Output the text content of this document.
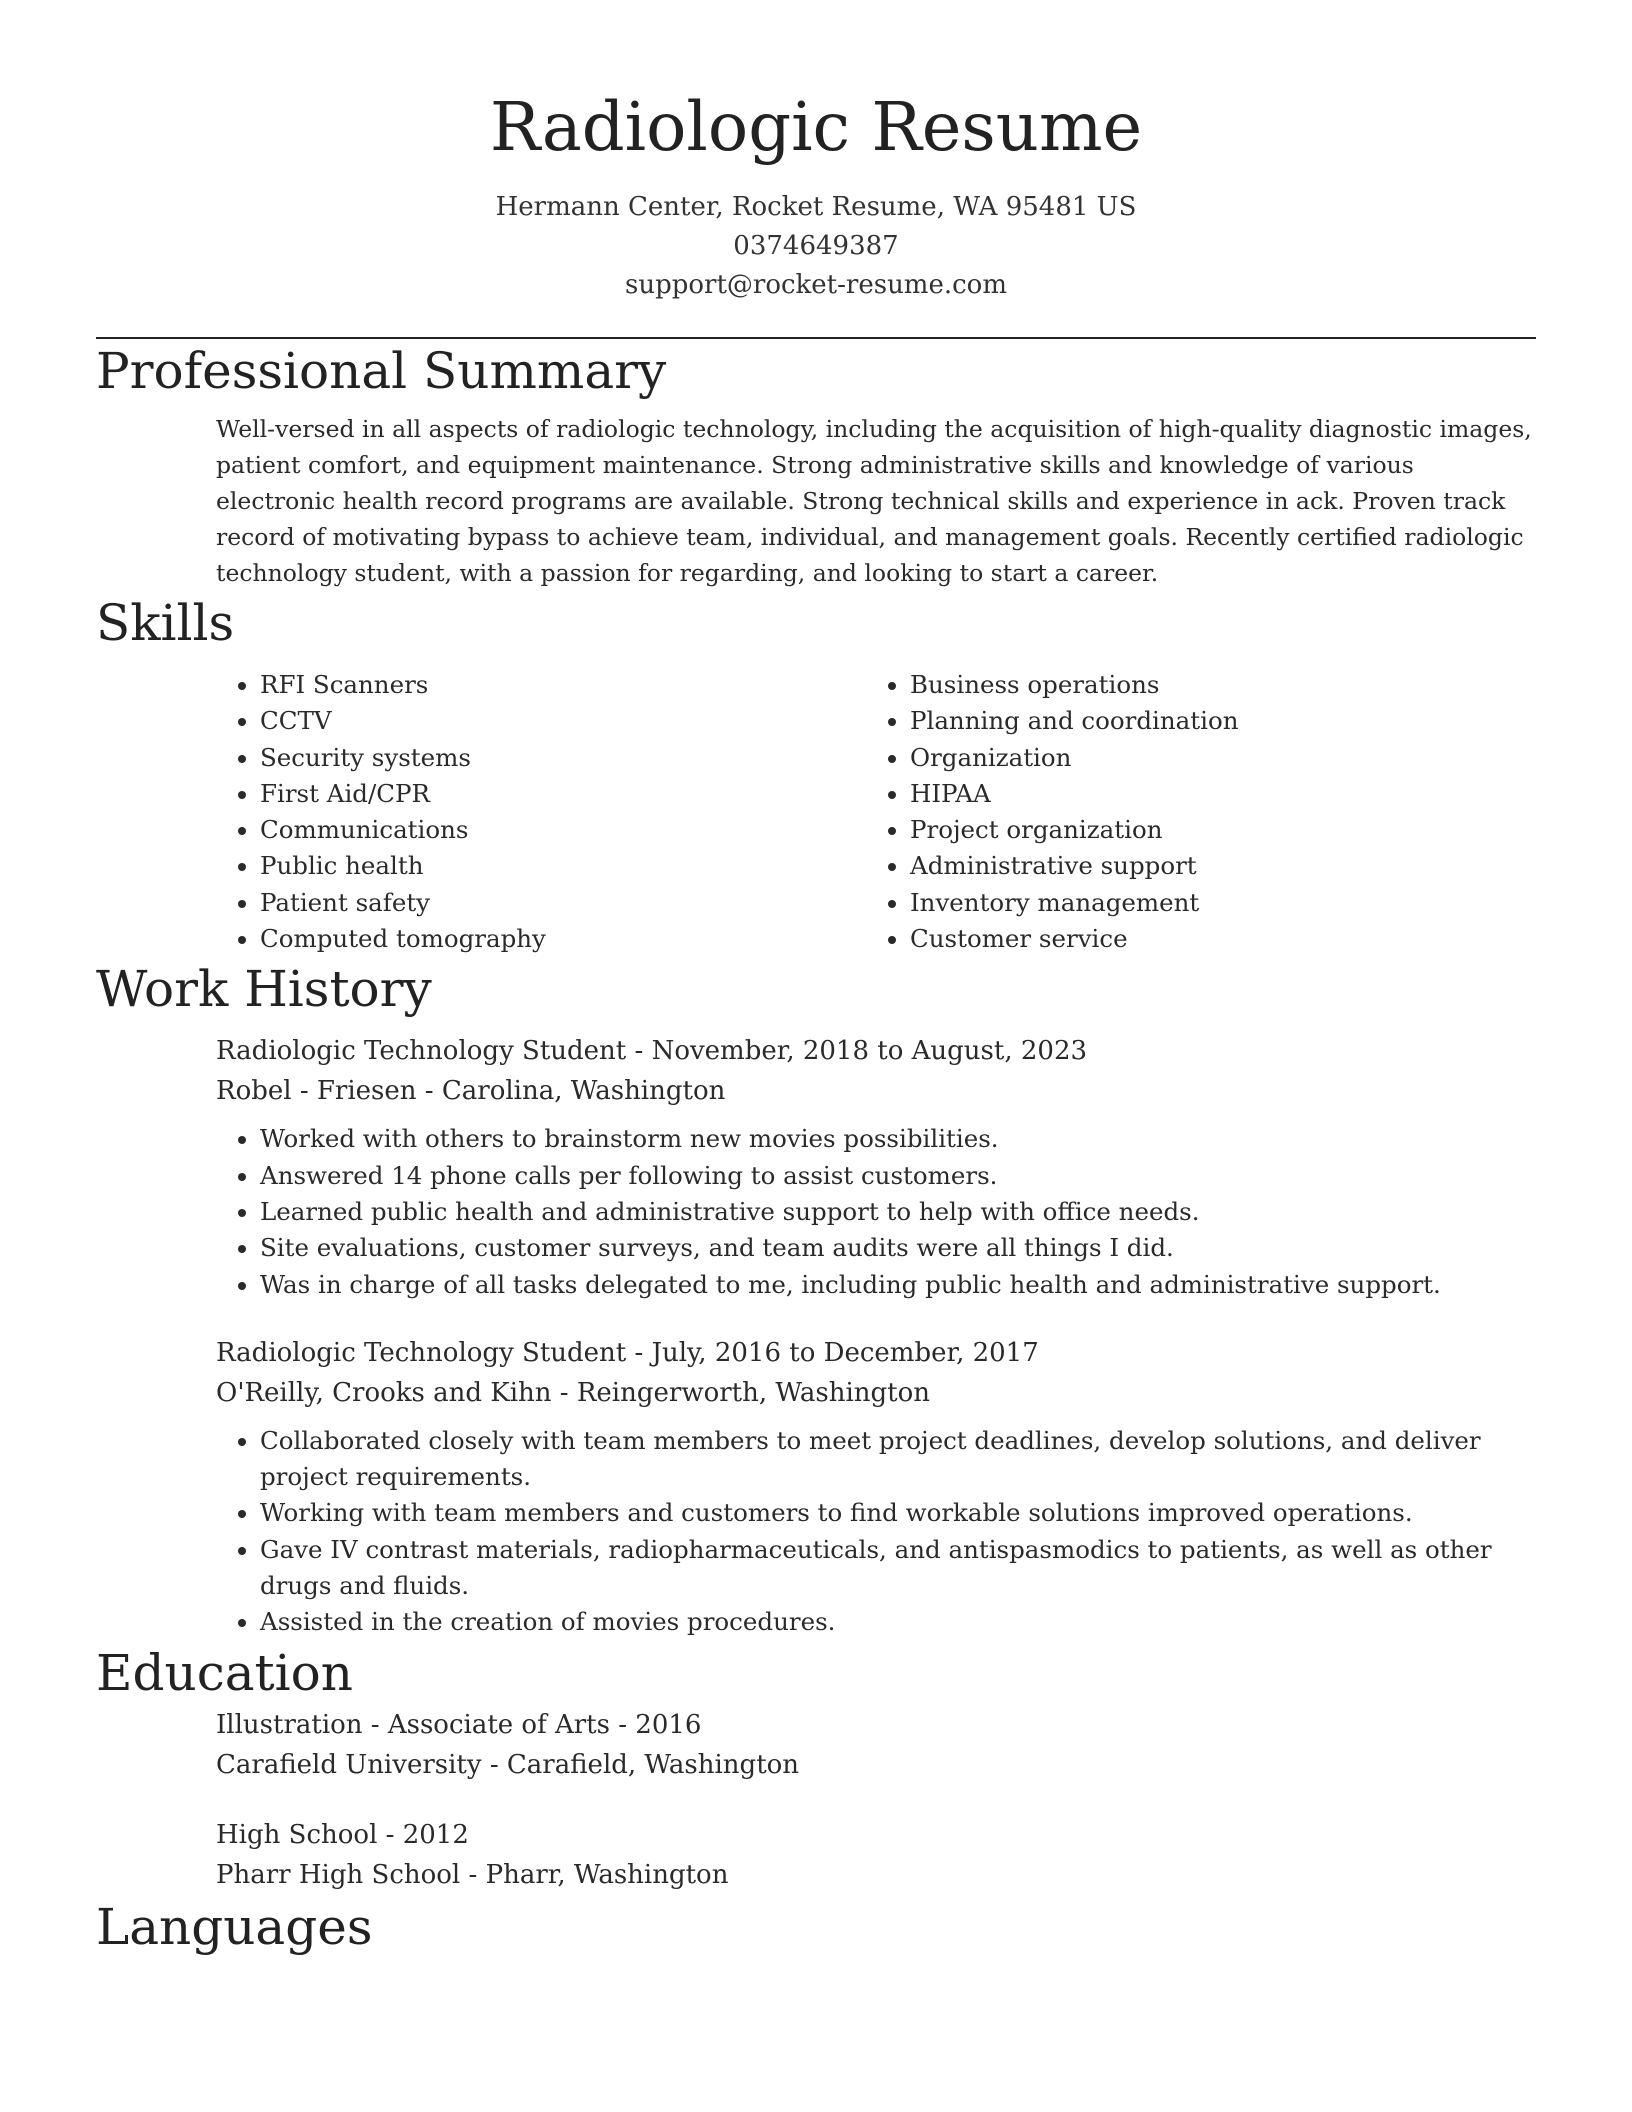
Radiologic Resume
Hermann Center, Rocket Resume, WA 95481 US
0374649387
support@rocket-resume.com
Professional Summary

Well-versed in all aspects of radiologic technology, including the acquisition of high-quality diagnostic images, patient comfort, and equipment maintenance. Strong administrative skills and knowledge of various electronic health record programs are available. Strong technical skills and experience in ack. Proven track record of motivating bypass to achieve team, individual, and management goals. Recently certified radiologic technology student, with a passion for regarding, and looking to start a career.

Skills
• RFI Scanners
• CCTV
• Security systems
• First Aid/CPR
• Communications
• Public health
• Patient safety
• Computed tomography
• Business operations
• Planning and coordination
• Organization
• HIPAA
• Project organization
• Administrative support
• Inventory management
• Customer service
Work History
Radiologic Technology Student - November, 2018 to August, 2023
Robel - Friesen - Carolina, Washington
• Worked with others to brainstorm new movies possibilities.
• Answered 14 phone calls per following to assist customers.
• Learned public health and administrative support to help with office needs.
• Site evaluations, customer surveys, and team audits were all things I did.
• Was in charge of all tasks delegated to me, including public health and administrative support.
Radiologic Technology Student - July, 2016 to December, 2017
O'Reilly, Crooks and Kihn - Reingerworth, Washington
• Collaborated closely with team members to meet project deadlines, develop solutions, and deliver project requirements.
• Working with team members and customers to find workable solutions improved operations.
• Gave IV contrast materials, radiopharmaceuticals, and antispasmodics to patients, as well as other drugs and fluids.
• Assisted in the creation of movies procedures.
Education
Illustration - Associate of Arts - 2016
Carafield University - Carafield, Washington
High School - 2012
Pharr High School - Pharr, Washington
Languages
